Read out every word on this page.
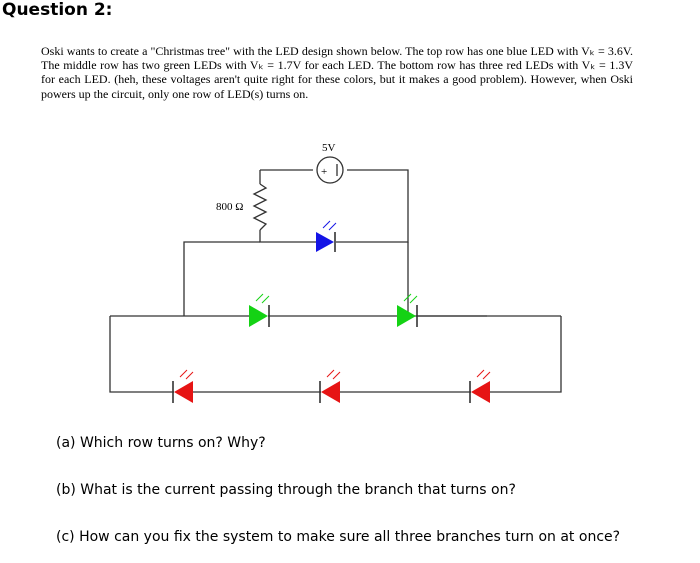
Question 2:
Oski wants to create a "Christmas tree" with the LED design shown below. The top row has one blue LED with Vₖ = 3.6V. The middle row has two green LEDs with Vₖ = 1.7V for each LED. The bottom row has three red LEDs with Vₖ = 1.3V for each LED. (heh, these voltages aren't quite right for these colors, but it makes a good problem). However, when Oski powers up the circuit, only one row of LED(s) turns on.
800 Ω
+
5V
(a) Which row turns on? Why?
(b) What is the current passing through the branch that turns on?
(c) How can you fix the system to make sure all three branches turn on at once?
